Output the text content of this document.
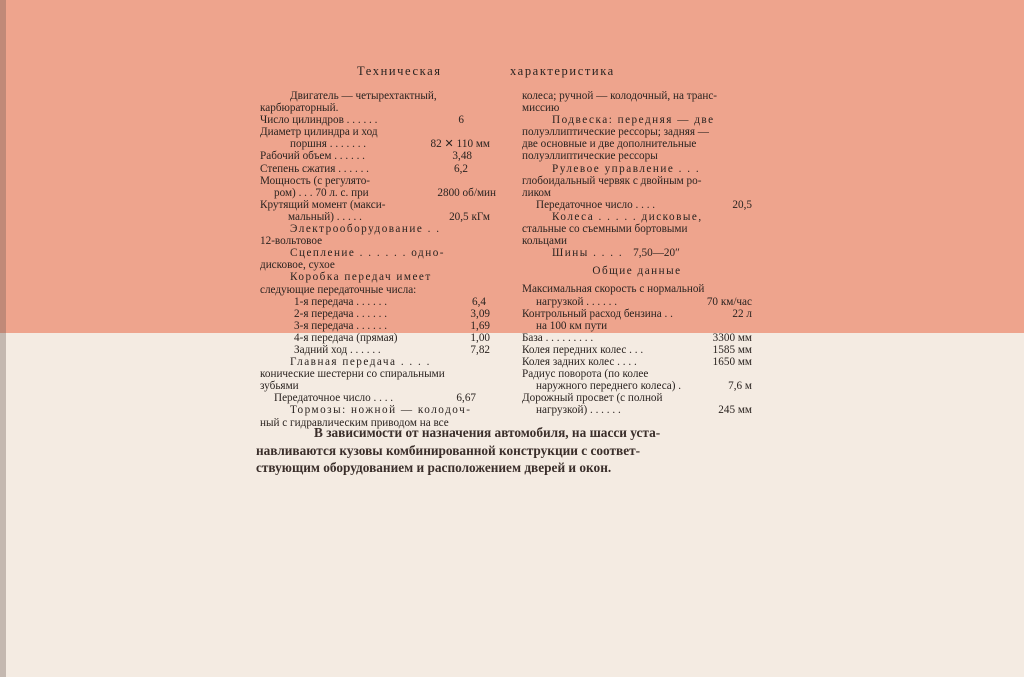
Техническая	характеристика
Двигатель — четырехтактный,
карбюраторный.
Число цилиндров . . . . . .	6
Диаметр цилиндра и ход
поршня . . . . . . .	82 ✕ 110 мм
Рабочий объем . . . . . .	3,48
Степень сжатия . . . . . .	6,2
Мощность (с регулято-
ром) . . . 70 л. с. при	2800 об/мин
Крутящий момент (макси-
мальный) . . . . .	20,5 кГм
Электрооборудование . .
12-вольтовое
Сцепление . . . . . . одно-
дисковое, сухое
Коробка передач имеет
следующие передаточные числа:
1-я передача . . . . . .	6,4
2-я передача . . . . . .	3,09
3-я передача . . . . . .	1,69
4-я передача (прямая)	1,00
Задний ход . . . . . .	7,82
Главная передача . . . .
конические шестерни со спиральными
зубьями
Передаточное число . . . .	6,67
Тормозы: ножной — колодоч-
ный с гидравлическим приводом на все
колеса; ручной — колодочный, на транс-
миссию
Подвеска: передняя — две
полуэллиптические рессоры; задняя —
две основные и две дополнительные
полуэллиптические рессоры
Рулевое управление . . .
глобоидальный червяк с двойным ро-
ликом
Передаточное число . . . .	20,5
Колеса . . . . . дисковые,
стальные со съемными бортовыми
кольцами
Шины . . . . 7,50—20″
Общие данные
Максимальная скорость с нормальной
нагрузкой . . . . . .	70 км/час
Контрольный расход бензина . .	22 л
на 100 км пути
База . . . . . . . . .	3300 мм
Колея передних колес . . .	1585 мм
Колея задних колес . . . .	1650 мм
Радиус поворота (по колее
наружного переднего колеса) .	7,6 м
Дорожный просвет (с полной
нагрузкой) . . . . . .	245 мм
В зависимости от назначения автомобиля, на шасси уста-
навливаются кузовы комбинированной конструкции с соответ-
ствующим оборудованием и расположением дверей и окон.
